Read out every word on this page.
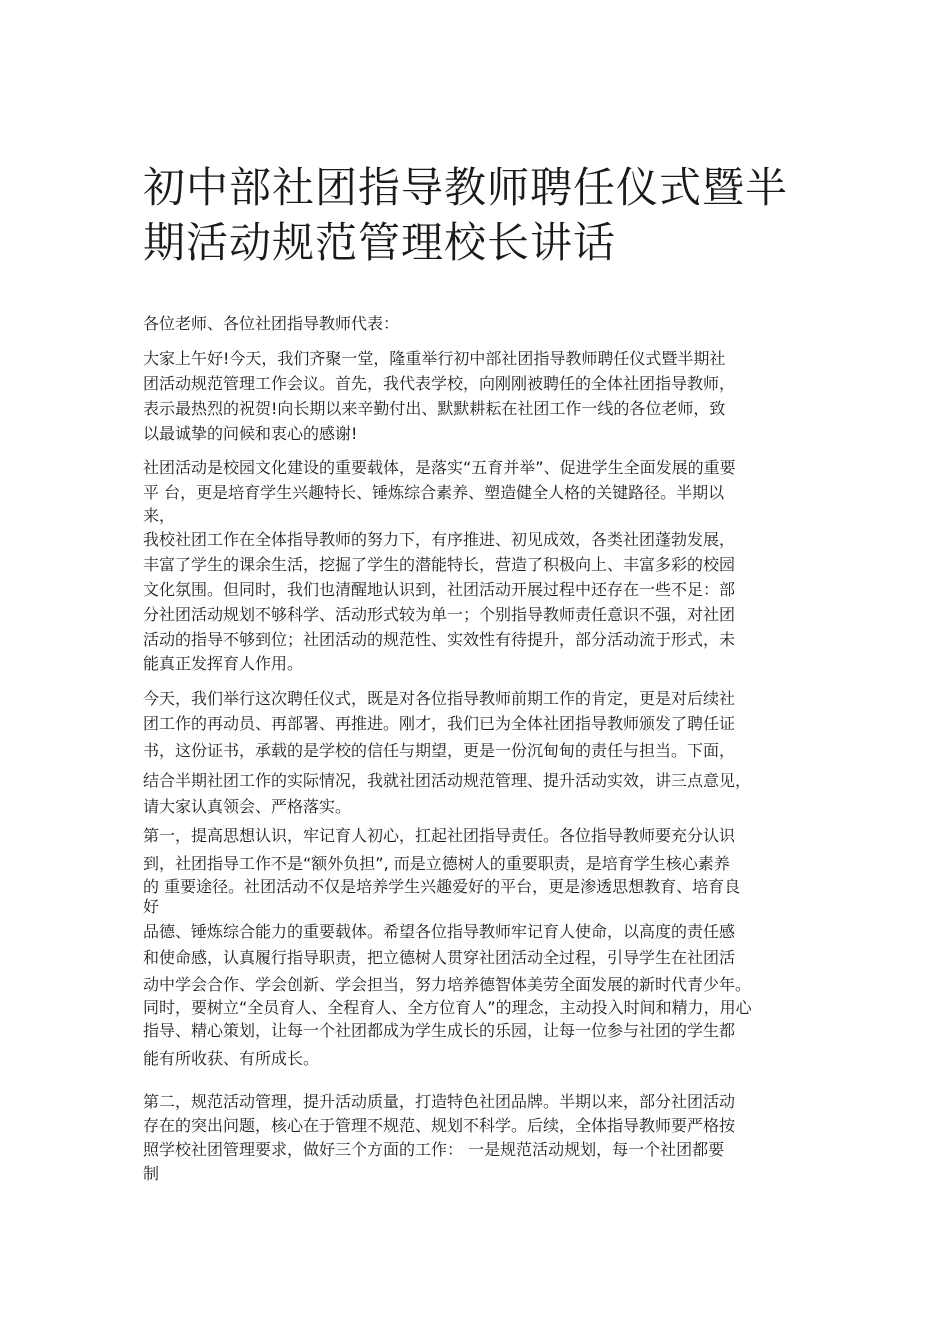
初中部社团指导教师聘任仪式暨半
期活动规范管理校长讲话
各位老师、各位社团指导教师代表：
大家上午好!今天，我们齐聚一堂，隆重举行初中部社团指导教师聘任仪式暨半期社
团活动规范管理工作会议。首先，我代表学校，向刚刚被聘任的全体社团指导教师，
表示最热烈的祝贺!向长期以来辛勤付出、默默耕耘在社团工作一线的各位老师，致
以最诚挚的问候和衷心的感谢!
社团活动是校园文化建设的重要载体，是落实“五育并举”、促进学生全面发展的重要
平 台，更是培育学生兴趣特长、锤炼综合素养、塑造健全人格的关键路径。半期以
来，
我校社团工作在全体指导教师的努力下，有序推进、初见成效，各类社团蓬勃发展，
丰富了学生的课余生活，挖掘了学生的潜能特长，营造了积极向上、丰富多彩的校园
文化氛围。但同时，我们也清醒地认识到，社团活动开展过程中还存在一些不足：部
分社团活动规划不够科学、活动形式较为单一；个别指导教师责任意识不强，对社团
活动的指导不够到位；社团活动的规范性、实效性有待提升，部分活动流于形式，未
能真正发挥育人作用。
今天，我们举行这次聘任仪式，既是对各位指导教师前期工作的肯定，更是对后续社
团工作的再动员、再部署、再推进。刚才，我们已为全体社团指导教师颁发了聘任证
书，这份证书，承载的是学校的信任与期望，更是一份沉甸甸的责任与担当。下面，
结合半期社团工作的实际情况，我就社团活动规范管理、提升活动实效，讲三点意见，
请大家认真领会、严格落实。
第一，提高思想认识，牢记育人初心，扛起社团指导责任。各位指导教师要充分认识
到，社团指导工作不是“额外负担”, 而是立德树人的重要职责，是培育学生核心素养
的 重要途径。社团活动不仅是培养学生兴趣爱好的平台，更是渗透思想教育、培育良
好
品德、锤炼综合能力的重要载体。希望各位指导教师牢记育人使命，以高度的责任感
和使命感，认真履行指导职责，把立德树人贯穿社团活动全过程，引导学生在社团活
动中学会合作、学会创新、学会担当，努力培养德智体美劳全面发展的新时代青少年。
同时，要树立“全员育人、全程育人、全方位育人”的理念，主动投入时间和精力，用心
指导、精心策划，让每一个社团都成为学生成长的乐园，让每一位参与社团的学生都
能有所收获、有所成长。
第二，规范活动管理，提升活动质量，打造特色社团品牌。半期以来，部分社团活动
存在的突出问题，核心在于管理不规范、规划不科学。后续，全体指导教师要严格按
照学校社团管理要求，做好三个方面的工作： 一是规范活动规划，每一个社团都要
制
